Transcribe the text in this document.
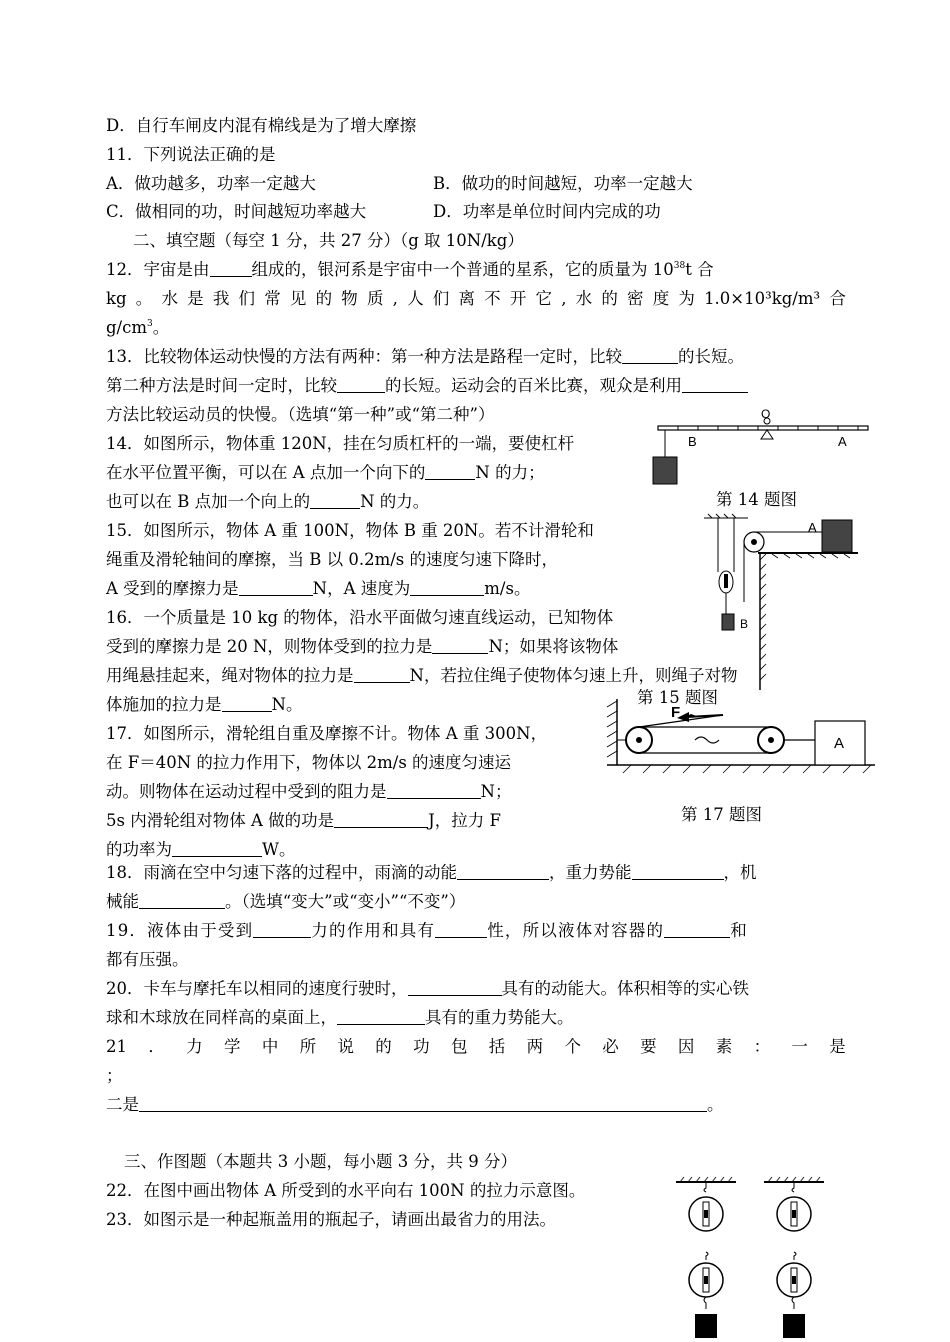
D．自行车闸皮内混有棉线是为了增大摩擦
11．下列说法正确的是
A．做功越多，功率一定越大	B．做功的时间越短，功率一定越大
C．做相同的功，时间越短功率越大	D．功率是单位时间内完成的功
二、填空题（每空 1 分，共 27 分）（g 取 10N/kg）
12．宇宙是由	组成的，银河系是宇宙中一个普通的星系，它的质量为 $10^{38}t$ 合
kg 。 水 是 我 们 常 见 的 物 质 , 人 们 离 不 开 它 , 水 的 密 度 为 1.0×10³kg/m³ 合
$g/cm^3$。
13．比较物体运动快慢的方法有两种：第一种方法是路程一定时，比较	的长短。
第二种方法是时间一定时，比较	的长短。运动会的百米比赛，观众是利用
方法比较运动员的快慢。（选填“第一种”或“第二种”）
14．如图所示，物体重 120N，挂在匀质杠杆的一端，要使杠杆
在水平位置平衡，可以在 A 点加一个向下的	N 的力；
也可以在 B 点加一个向上的	N 的力。
O
B	A
第 14 题图
15．如图所示，物体 A 重 100N，物体 B 重 20N。若不计滑轮和
绳重及滑轮轴间的摩擦，当 B 以 0.2m/s 的速度匀速下降时，
A 受到的摩擦力是	N，A 速度为	m/s。
A
B
第 15 题图
16．一个质量是 10 kg 的物体，沿水平面做匀速直线运动，已知物体
受到的摩擦力是 20 N，则物体受到的拉力是	N；如果将该物体
用绳悬挂起来，绳对物体的拉力是	N，若拉住绳子使物体匀速上升，则绳子对物
体施加的拉力是	N。
17．如图所示，滑轮组自重及摩擦不计。物体 A 重 300N，
在 F＝40N 的拉力作用下，物体以 2m/s 的速度匀速运
动。则物体在运动过程中受到的阻力是	N；
5s 内滑轮组对物体 A 做的功是	J，拉力 F
的功率为	W。
F
A
第 17 题图
18．雨滴在空中匀速下落的过程中，雨滴的动能	，重力势能	，机
械能	。（选填“变大”或“变小”“不变”）
19．液体由于受到	力的作用和具有	性，所以液体对容器的	和
都有压强。
20．卡车与摩托车以相同的速度行驶时，	具有的动能大。体积相等的实心铁
球和木球放在同样高的桌面上，	具有的重力势能大。
21 ． 力 学 中 所 说 的 功 包 括 两 个 必 要 因 素 ： 一 是
；
二是	。
三、作图题（本题共 3 小题，每小题 3 分，共 9 分）
22．在图中画出物体 A 所受到的水平向右 100N 的拉力示意图。
23．如图示是一种起瓶盖用的瓶起子，请画出最省力的用法。
